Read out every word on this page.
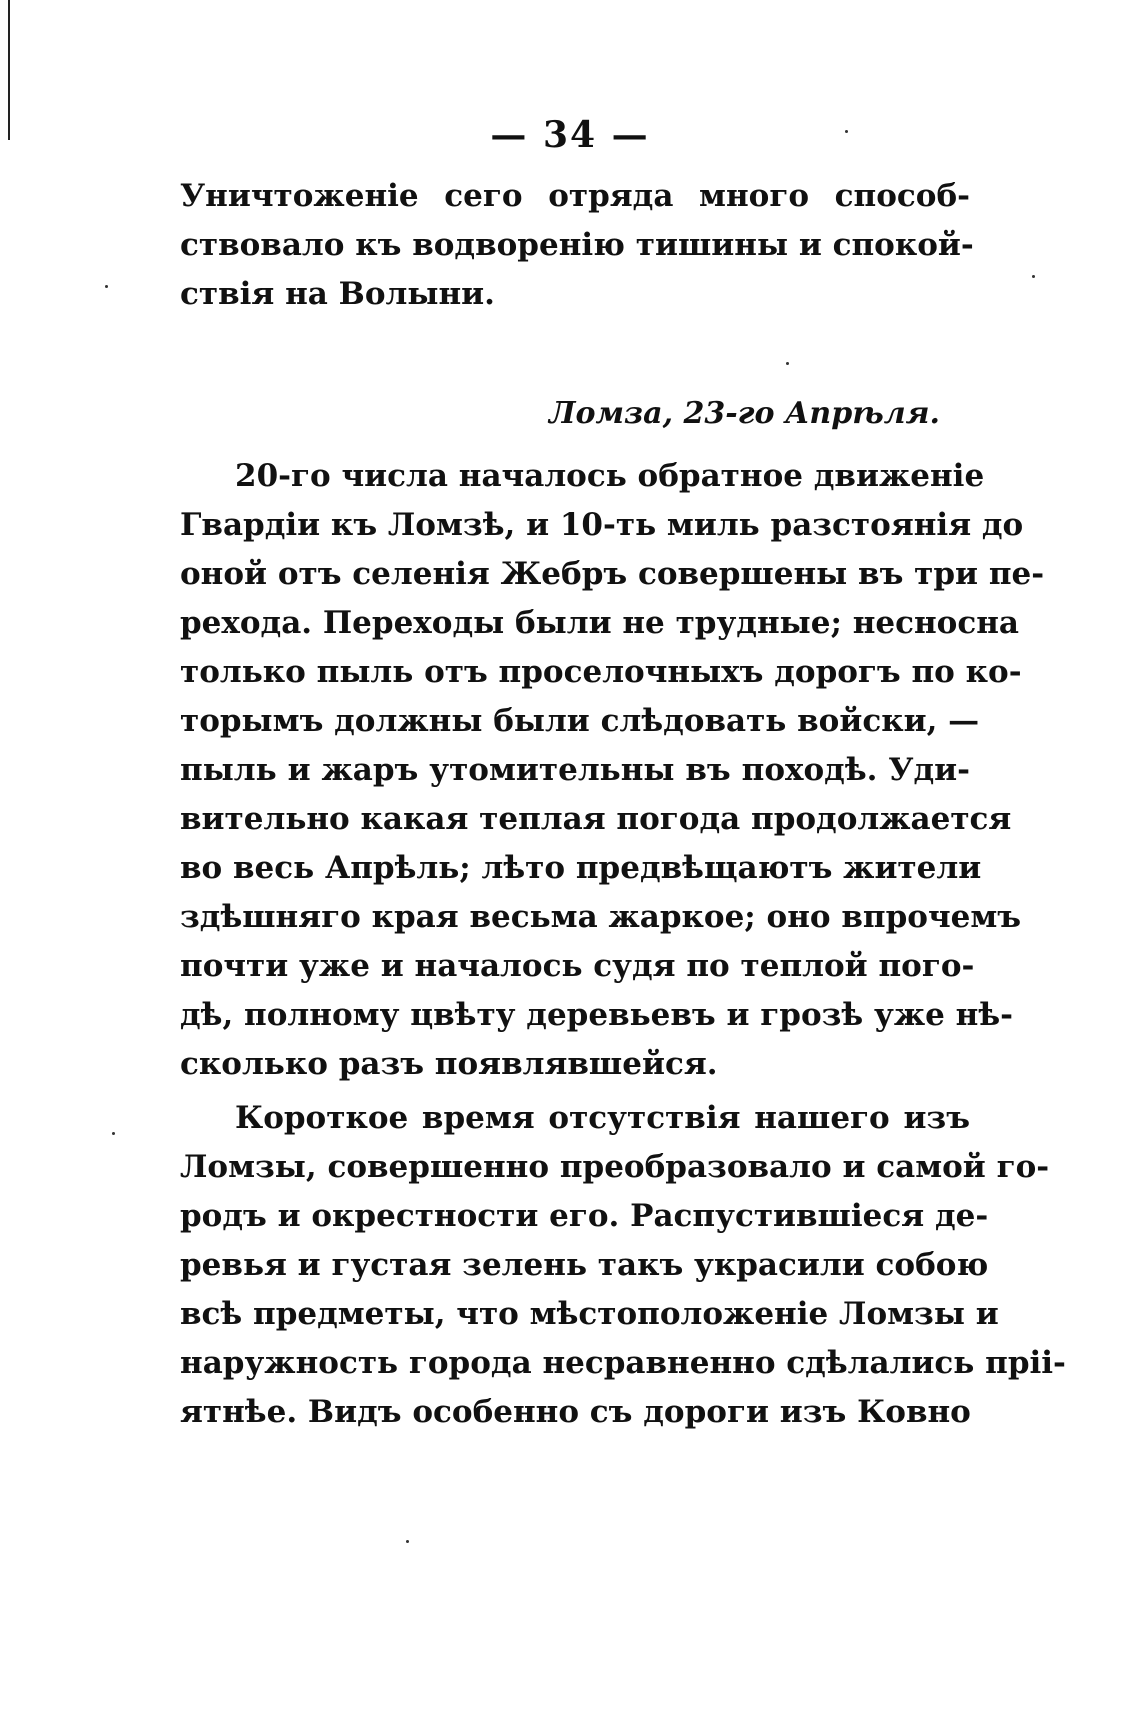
— 34 —
Уничтоженіе сего отряда много способ-
ствовало къ водворенію тишины и спокой-
ствія на Волыни.
Ломза, 23-го Апрѣля.
20-го числа началось обратное движеніе
Гвардіи къ Ломзѣ, и 10-ть миль разстоянія до
оной отъ селенія Жебръ совершены въ три пе-
рехода. Переходы были не трудные; несносна
только пыль отъ проселочныхъ дорогъ по ко-
торымъ должны были слѣдовать войски, —
пыль и жаръ утомительны въ походѣ. Уди-
вительно какая теплая погода продолжается
во весь Апрѣль; лѣто предвѣщаютъ жители
здѣшняго края весьма жаркое; оно впрочемъ
почти уже и началось судя по теплой пого-
дѣ, полному цвѣту деревьевъ и грозѣ уже нѣ-
сколько разъ появлявшейся.
Короткое время отсутствія нашего изъ
Ломзы, совершенно преобразовало и самой го-
родъ и окрестности его. Распустившіеся де-
ревья и густая зелень такъ украсили собою
всѣ предметы, что мѣстоположеніе Ломзы и
наружность города несравненно сдѣлались пріі-
ятнѣе. Видъ особенно съ дороги изъ Ковно
